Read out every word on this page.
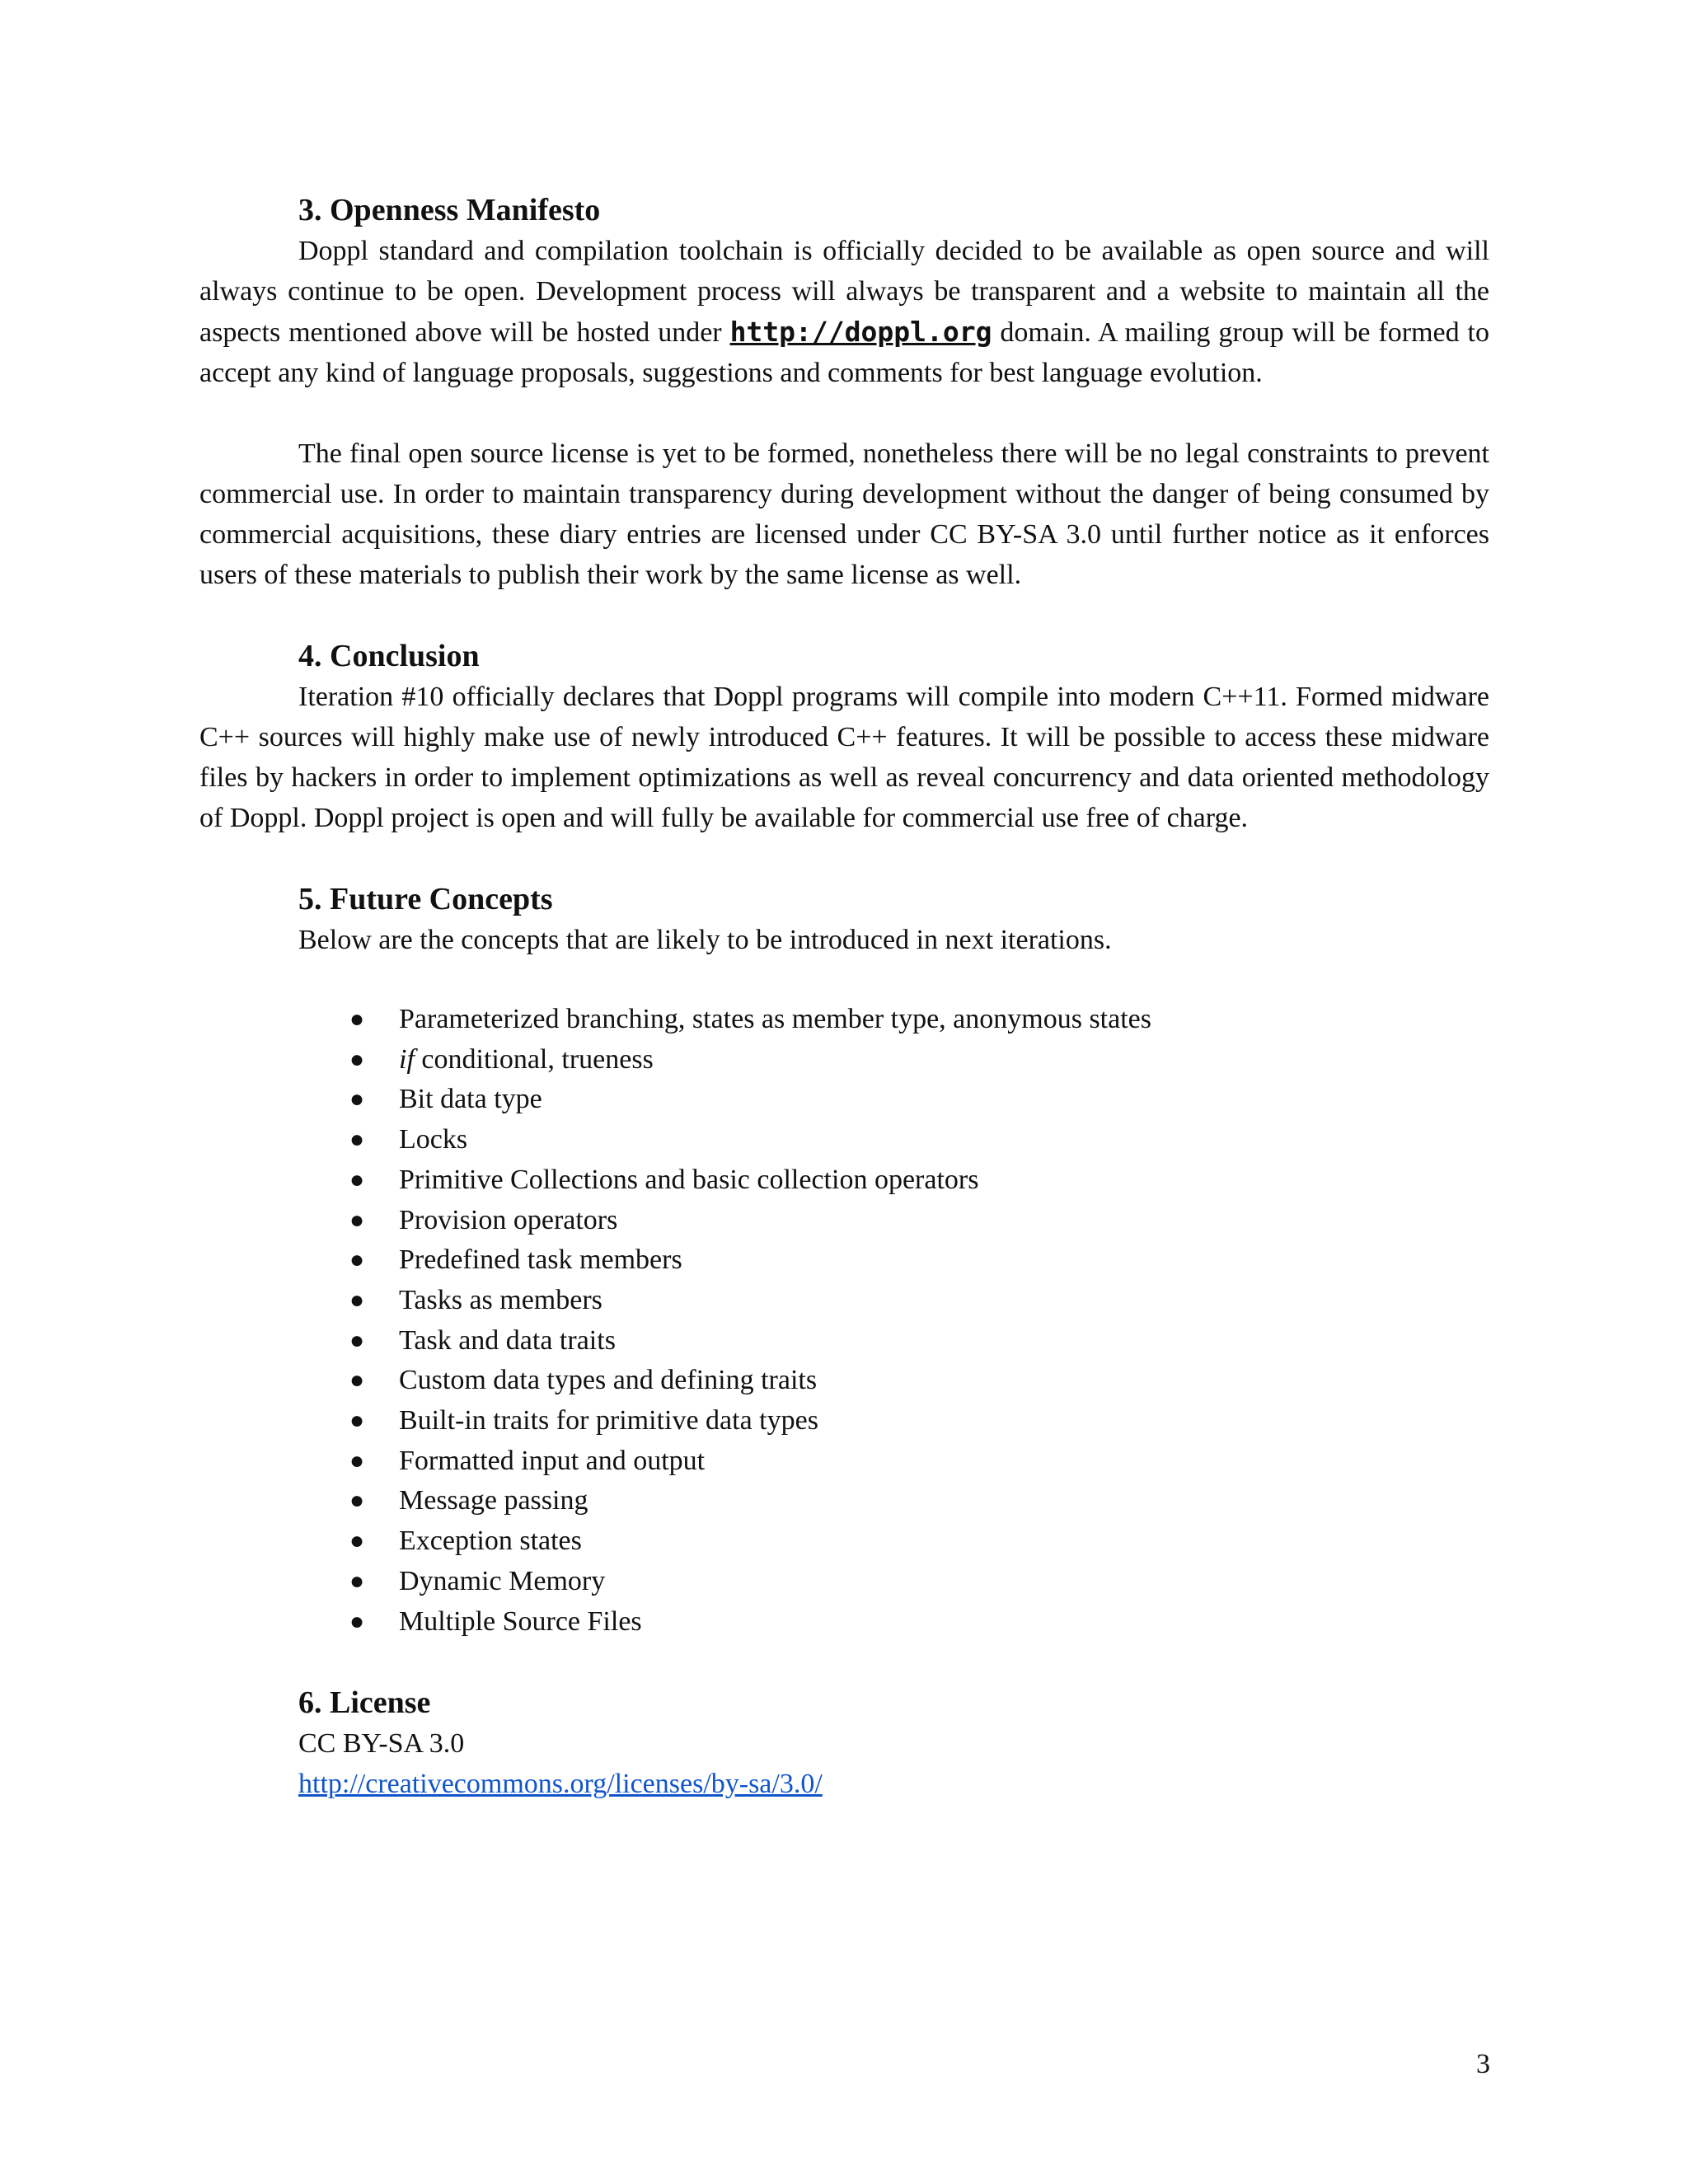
3. Openness Manifesto

Doppl standard and compilation toolchain is officially decided to be available as open source and will always continue to be open. Development process will always be transparent and a website to maintain all the aspects mentioned above will be hosted under http://doppl.org domain. A mailing group will be formed to accept any kind of language proposals, suggestions and comments for best language evolution.

The final open source license is yet to be formed, nonetheless there will be no legal constraints to prevent commercial use. In order to maintain transparency during development without the danger of being consumed by commercial acquisitions, these diary entries are licensed under CC BY-SA 3.0 until further notice as it enforces users of these materials to publish their work by the same license as well.

4. Conclusion

Iteration #10 officially declares that Doppl programs will compile into modern C++11. Formed midware C++ sources will highly make use of newly introduced C++ features. It will be possible to access these midware files by hackers in order to implement optimizations as well as reveal concurrency and data oriented methodology of Doppl. Doppl project is open and will fully be available for commercial use free of charge.

5. Future Concepts

Below are the concepts that are likely to be introduced in next iterations.

● Parameterized branching, states as member type, anonymous states
● if conditional, trueness
● Bit data type
● Locks
● Primitive Collections and basic collection operators
● Provision operators
● Predefined task members
● Tasks as members
● Task and data traits
● Custom data types and defining traits
● Built-in traits for primitive data types
● Formatted input and output
● Message passing
● Exception states
● Dynamic Memory
● Multiple Source Files
6. License

CC BY-SA 3.0

http://creativecommons.org/licenses/by-sa/3.0/

3
